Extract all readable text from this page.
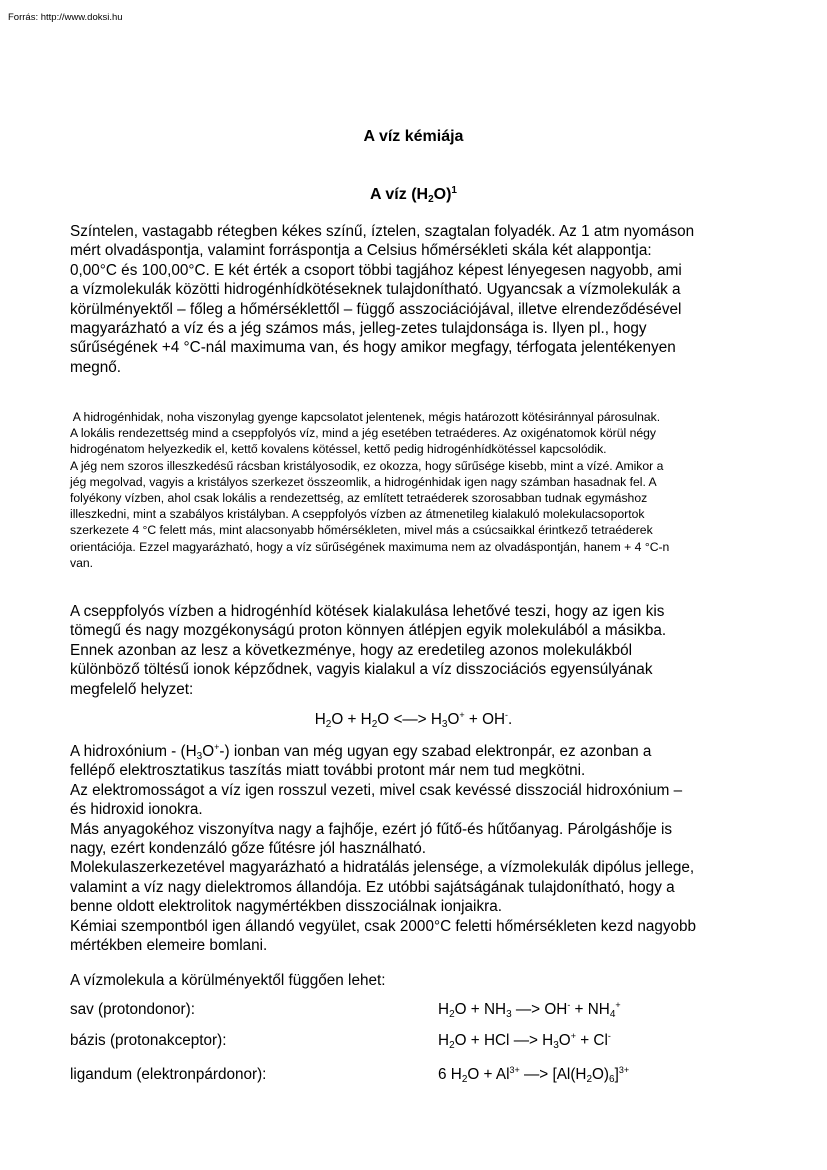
Forrás: http://www.doksi.hu
A víz kémiája
A víz $(H_2O)^1$
Színtelen, vastagabb rétegben kékes színű, íztelen, szagtalan folyadék. Az 1 atm nyomáson
mért olvadáspontja, valamint forráspontja a Celsius hőmérsékleti skála két alappontja:
0,00°C és 100,00°C. E két érték a csoport többi tagjához képest lényegesen nagyobb, ami
a vízmolekulák közötti hidrogénhídkötéseknek tulajdonítható. Ugyancsak a vízmolekulák a
körülményektől – főleg a hőmérséklettől – függő asszociációjával, illetve elrendeződésével
magyarázható a víz és a jég számos más, jelleg-zetes tulajdonsága is. Ilyen pl., hogy
sűrűségének +4 °C-nál maximuma van, és hogy amikor megfagy, térfogata jelentékenyen
megnő.
A hidrogénhidak, noha viszonylag gyenge kapcsolatot jelentenek, mégis határozott kötésiránnyal párosulnak.
A lokális rendezettség mind a cseppfolyós víz, mind a jég esetében tetraéderes. Az oxigénatomok körül négy
hidrogénatom helyezkedik el, kettő kovalens kötéssel, kettő pedig hidrogénhídkötéssel kapcsolódik.
A jég nem szoros illeszkedésű rácsban kristályosodik, ez okozza, hogy sűrűsége kisebb, mint a vízé. Amikor a
jég megolvad, vagyis a kristályos szerkezet összeomlik, a hidrogénhidak igen nagy számban hasadnak fel. A
folyékony vízben, ahol csak lokális a rendezettség, az említett tetraéderek szorosabban tudnak egymáshoz
illeszkedni, mint a szabályos kristályban. A cseppfolyós vízben az átmenetileg kialakuló molekulacsoportok
szerkezete 4 °C felett más, mint alacsonyabb hőmérsékleten, mivel más a csúcsaikkal érintkező tetraéderek
orientációja. Ezzel magyarázható, hogy a víz sűrűségének maximuma nem az olvadáspontján, hanem + 4 °C-n
van.
A cseppfolyós vízben a hidrogénhíd kötések kialakulása lehetővé teszi, hogy az igen kis
tömegű és nagy mozgékonyságú proton könnyen átlépjen egyik molekulából a másikba.
Ennek azonban az lesz a következménye, hogy az eredetileg azonos molekulákból
különböző töltésű ionok képződnek, vagyis kialakul a víz disszociációs egyensúlyának
megfelelő helyzet:
$H_2O + H_2O$ <—> $H_3O^+ + OH^-$.
A hidroxónium - $(H_3O^+-)$ ionban van még ugyan egy szabad elektronpár, ez azonban a
fellépő elektrosztatikus taszítás miatt további protont már nem tud megkötni.
Az elektromosságot a víz igen rosszul vezeti, mivel csak kevéssé disszociál hidroxónium –
és hidroxid ionokra.
Más anyagokéhoz viszonyítva nagy a fajhője, ezért jó fűtő-és hűtőanyag. Párolgáshője is
nagy, ezért kondenzáló gőze fűtésre jól használható.
Molekulaszerkezetével magyarázható a hidratálás jelensége, a vízmolekulák dipólus jellege,
valamint a víz nagy dielektromos állandója. Ez utóbbi sajátságának tulajdonítható, hogy a
benne oldott elektrolitok nagymértékben disszociálnak ionjaikra.
Kémiai szempontból igen állandó vegyület, csak 2000°C feletti hőmérsékleten kezd nagyobb
mértékben elemeire bomlani.
A vízmolekula a körülményektől függően lehet:
sav (protondonor):	$H_2O + NH_3$ —> $OH^- + NH_4^+$
bázis (protonakceptor):	$H_2O$ + HCl —> $H_3O^+ + Cl^-$
ligandum (elektronpárdonor):	6 $H_2O + Al^{3+}$ —> $[Al(H_2O)_6]^{3+}$
